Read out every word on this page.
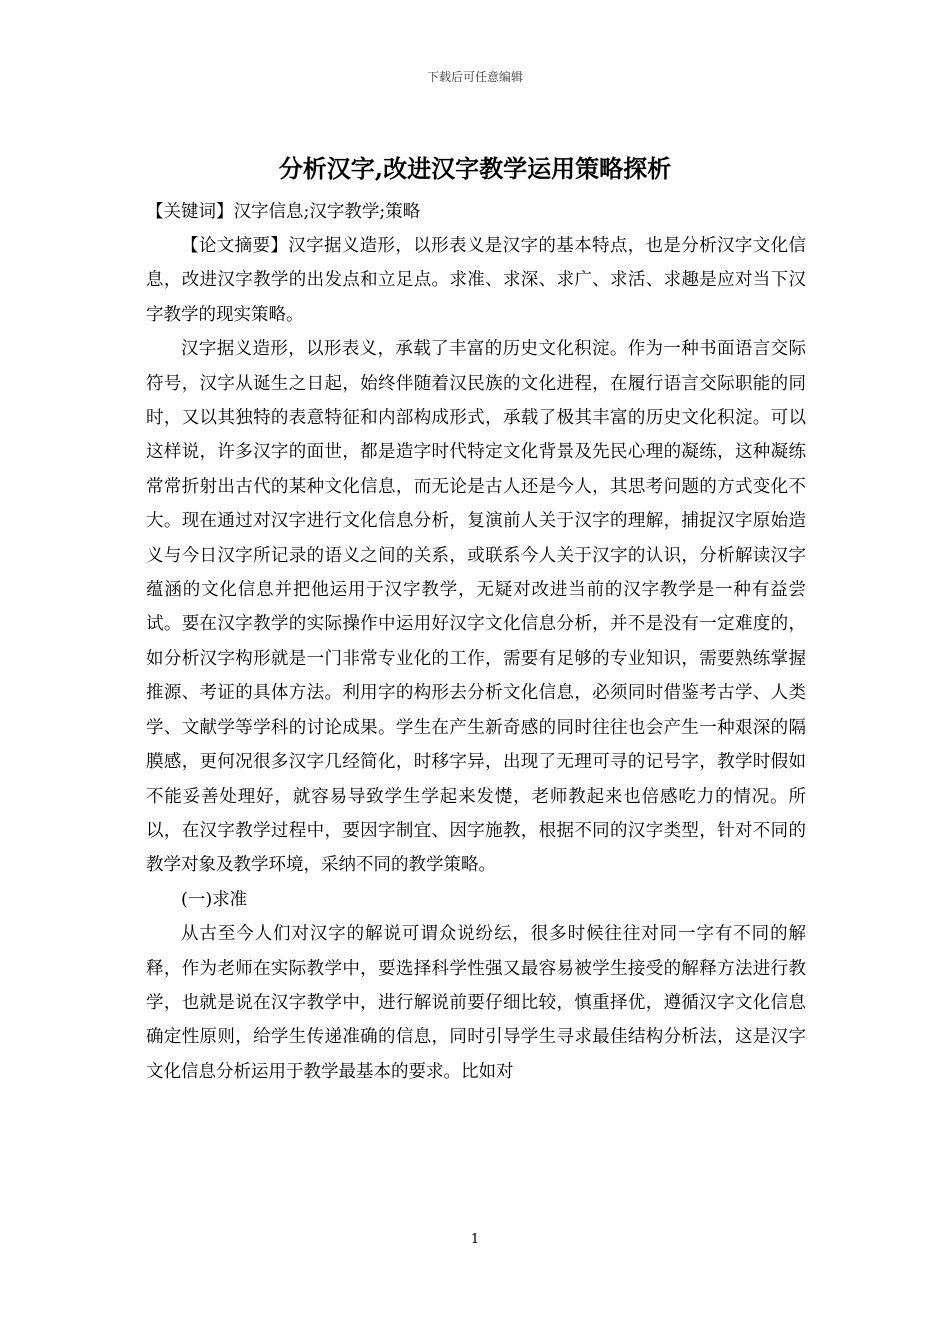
下载后可任意编辑
分析汉字,改进汉字教学运用策略探析

【关键词】汉字信息;汉字教学;策略

【论文摘要】汉字据义造形，以形表义是汉字的基本特点，也是分析汉字文化信息，改进汉字教学的出发点和立足点。求准、求深、求广、求活、求趣是应对当下汉字教学的现实策略。

汉字据义造形，以形表义，承载了丰富的历史文化积淀。作为一种书面语言交际符号，汉字从诞生之日起，始终伴随着汉民族的文化进程，在履行语言交际职能的同时，又以其独特的表意特征和内部构成形式，承载了极其丰富的历史文化积淀。可以这样说，许多汉字的面世，都是造字时代特定文化背景及先民心理的凝练，这种凝练常常折射出古代的某种文化信息，而无论是古人还是今人，其思考问题的方式变化不大。现在通过对汉字进行文化信息分析，复演前人关于汉字的理解，捕捉汉字原始造义与今日汉字所记录的语义之间的关系，或联系今人关于汉字的认识，分析解读汉字蕴涵的文化信息并把他运用于汉字教学，无疑对改进当前的汉字教学是一种有益尝试。要在汉字教学的实际操作中运用好汉字文化信息分析，并不是没有一定难度的，如分析汉字构形就是一门非常专业化的工作，需要有足够的专业知识，需要熟练掌握推源、考证的具体方法。利用字的构形去分析文化信息，必须同时借鉴考古学、人类学、文献学等学科的讨论成果。学生在产生新奇感的同时往往也会产生一种艰深的隔膜感，更何况很多汉字几经简化，时移字异，出现了无理可寻的记号字，教学时假如不能妥善处理好，就容易导致学生学起来发憷，老师教起来也倍感吃力的情况。所以，在汉字教学过程中，要因字制宜、因字施教，根据不同的汉字类型，针对不同的教学对象及教学环境，采纳不同的教学策略。

(一)求准

从古至今人们对汉字的解说可谓众说纷纭，很多时候往往对同一字有不同的解释，作为老师在实际教学中，要选择科学性强又最容易被学生接受的解释方法进行教学，也就是说在汉字教学中，进行解说前要仔细比较，慎重择优，遵循汉字文化信息确定性原则，给学生传递准确的信息，同时引导学生寻求最佳结构分析法，这是汉字文化信息分析运用于教学最基本的要求。比如对

1
